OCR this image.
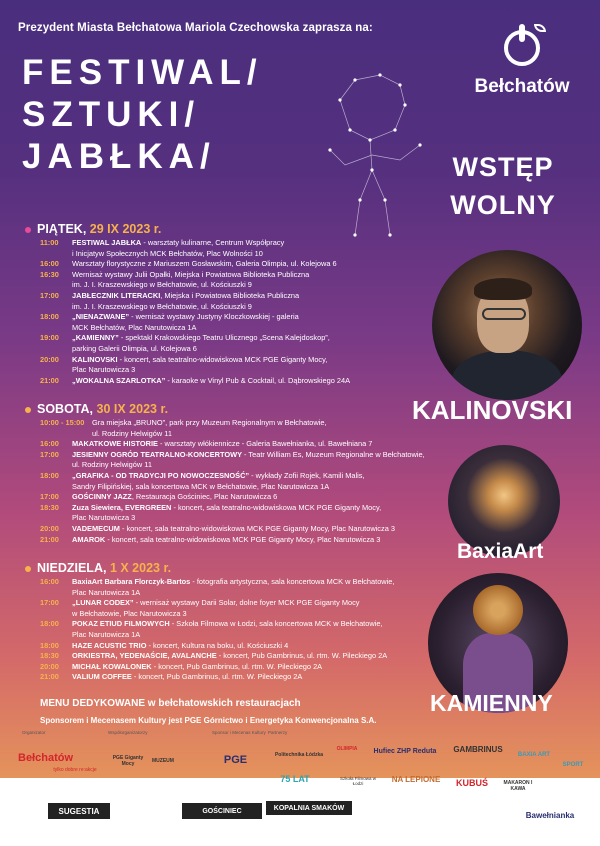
Prezydent Miasta Bełchatowa Mariola Czechowska zaprasza na:
FESTIWAL/
SZTUKI/
JABŁKA/
Bełchatów
WSTĘP
WOLNY
PIĄTEK, 29 IX 2023 r.
11:00	FESTIWAL JABŁKA - warsztaty kulinarne, Centrum Współpracy
i Inicjatyw Społecznych MCK Bełchatów, Plac Wolności 10
16:00	Warsztaty florystyczne z Mariuszem Gosławskim, Galeria Olimpia, ul. Kolejowa 6
16:30	Wernisaż wystawy Julii Opałki, Miejska i Powiatowa Biblioteka Publiczna
im. J. I. Kraszewskiego w Bełchatowie, ul. Kościuszki 9
17:00	JABŁECZNIK LITERACKI, Miejska i Powiatowa Biblioteka Publiczna
im. J. I. Kraszewskiego w Bełchatowie, ul. Kościuszki 9
18:00	„NIENAZWANE” - wernisaż wystawy Justyny Kloczkowskiej - galeria
MCK Bełchatów, Plac Narutowicza 1A
19:00	„KAMIENNY” - spektakl Krakowskiego Teatru Ulicznego „Scena Kalejdoskop”,
parking Galerii Olimpia, ul. Kolejowa 6
20:00	KALINOVSKI - koncert, sala teatralno-widowiskowa MCK PGE Giganty Mocy,
Plac Narutowicza 3
21:00	„WOKALNA SZARLOTKA” - karaoke w Vinyl Pub & Cocktail, ul. Dąbrowskiego 24A
SOBOTA, 30 IX 2023 r.
10:00 - 15:00	Gra miejska „BRUNO”, park przy Muzeum Regionalnym w Bełchatowie,
ul. Rodziny Helwigów 11
16:00	MAKATKOWE HISTORIE - warsztaty włókiennicze - Galeria Bawełnianka, ul. Bawełniana 7
17:00	JESIENNY OGRÓD TEATRALNO-KONCERTOWY - Teatr William Es, Muzeum Regionalne w Bełchatowie,
ul. Rodziny Helwigów 11
18:00	„GRAFIKA - OD TRADYCJI PO NOWOCZESNOŚĆ” - wykłady Zofii Rojek, Kamili Malis,
Sandry Filipińskiej, sala koncertowa MCK w Bełchatowie, Plac Narutowicza 1A
17:00	GOŚCINNY JAZZ, Restauracja Gościniec, Plac Narutowicza 6
18:30	Zuza Siewiera, EVERGREEN - koncert, sala teatralno-widowiskowa MCK PGE Giganty Mocy,
Plac Narutowicza 3
20:00	VADEMECUM - koncert, sala teatralno-widowiskowa MCK PGE Giganty Mocy, Plac Narutowicza 3
21:00	AMAROK - koncert, sala teatralno-widowiskowa MCK PGE Giganty Mocy, Plac Narutowicza 3
NIEDZIELA, 1 X 2023 r.
16:00	BaxiaArt Barbara Florczyk-Bartos - fotografia artystyczna, sala koncertowa MCK w Bełchatowie,
Plac Narutowicza 1A
17:00	„LUNAR CODEX” - wernisaż wystawy Darii Solar, dolne foyer MCK PGE Giganty Mocy
w Bełchatowie, Plac Narutowicza 3
18:00	POKAZ ETIUD FILMOWYCH - Szkoła Filmowa w Łodzi, sala koncertowa MCK w Bełchatowie,
Plac Narutowicza 1A
18:00	HAZE ACUSTIC TRIO - koncert, Kultura na boku, ul. Kościuszki 4
18:30	ORKIESTRA, YEDENAŚCIE, AVALANCHE - koncert, Pub Gambrinus, ul. rtm. W. Pileckiego 2A
20:00	MICHAŁ KOWALONEK - koncert, Pub Gambrinus, ul. rtm. W. Pileckiego 2A
21:00	VALIUM COFFEE - koncert, Pub Gambrinus, ul. rtm. W. Pileckiego 2A
KALINOVSKI
BaxiaArt
KAMIENNY
MENU DEDYKOWANE w bełchatowskich restauracjach
Sponsorem i Mecenasem Kultury jest PGE Górnictwo i Energetyka Konwencjonalna S.A.
Organizator	Współorganizatorzy	Sponsor i Mecenas Kultury Partnerzy
Bełchatów
tylko dobre re:akcje
PGE Giganty Mocy	MUZEUM	PGE	Politechnika Łódzka
OLIMPIA	Hufiec ZHP Reduta	GAMBRINUS
BAXIA ART
SPORT
75 LAT	Szkoła Filmowa w Łodzi	NA LEPIONE	KUBUŚ	MAKARON I KAWA
SUGESTIA	GOŚCINIEC	KOPALNIA SMAKÓW
Bawełnianka
